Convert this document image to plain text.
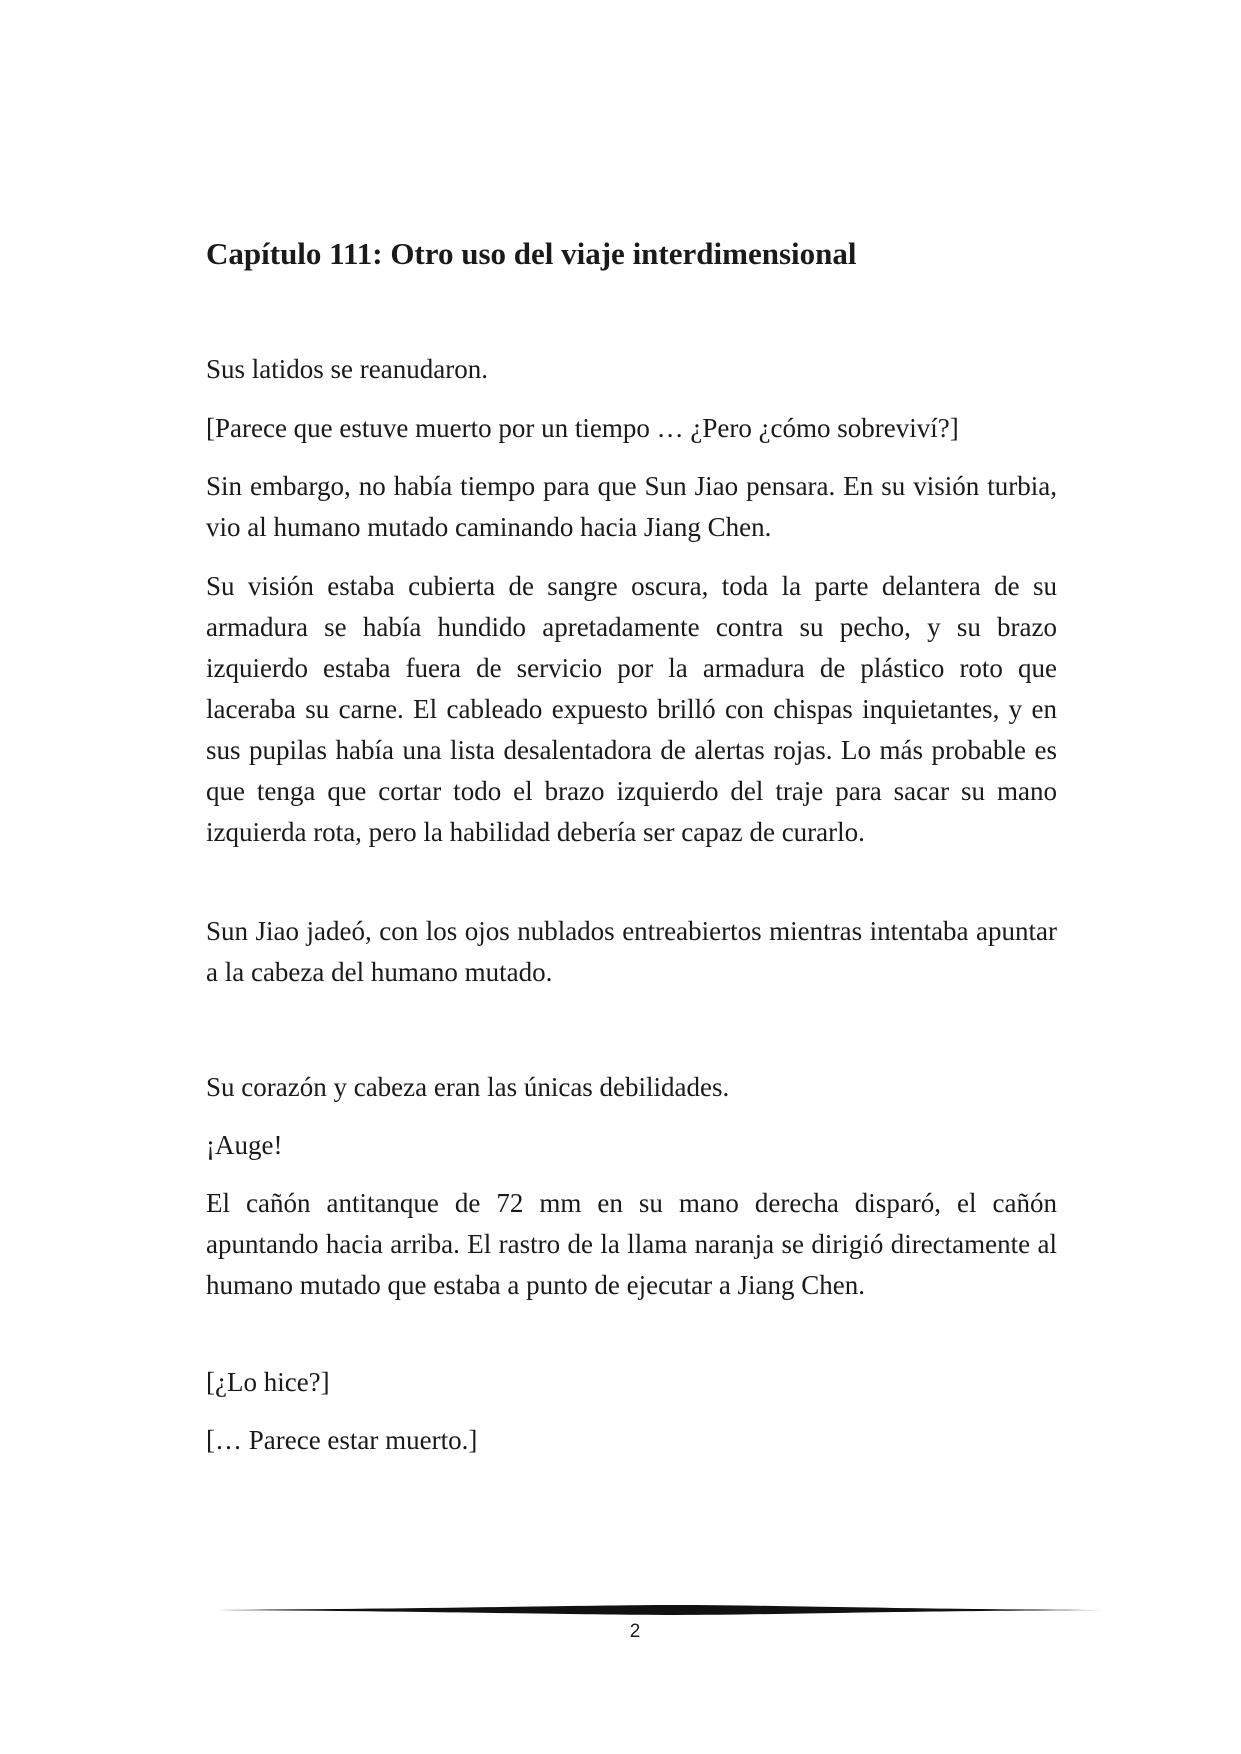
Capítulo 111: Otro uso del viaje interdimensional

Sus latidos se reanudaron.

[Parece que estuve muerto por un tiempo … ¿Pero ¿cómo sobreviví?]

Sin embargo, no había tiempo para que Sun Jiao pensara. En su visión turbia, vio al humano mutado caminando hacia Jiang Chen.

Su visión estaba cubierta de sangre oscura, toda la parte delantera de su armadura se había hundido apretadamente contra su pecho, y su brazo izquierdo estaba fuera de servicio por la armadura de plástico roto que laceraba su carne. El cableado expuesto brilló con chispas inquietantes, y en sus pupilas había una lista desalentadora de alertas rojas. Lo más probable es que tenga que cortar todo el brazo izquierdo del traje para sacar su mano izquierda rota, pero la habilidad debería ser capaz de curarlo.

Sun Jiao jadeó, con los ojos nublados entreabiertos mientras intentaba apuntar a la cabeza del humano mutado.

Su corazón y cabeza eran las únicas debilidades.

¡Auge!

El cañón antitanque de 72 mm en su mano derecha disparó, el cañón apuntando hacia arriba. El rastro de la llama naranja se dirigió directamente al humano mutado que estaba a punto de ejecutar a Jiang Chen.

[¿Lo hice?]

[… Parece estar muerto.]

2
